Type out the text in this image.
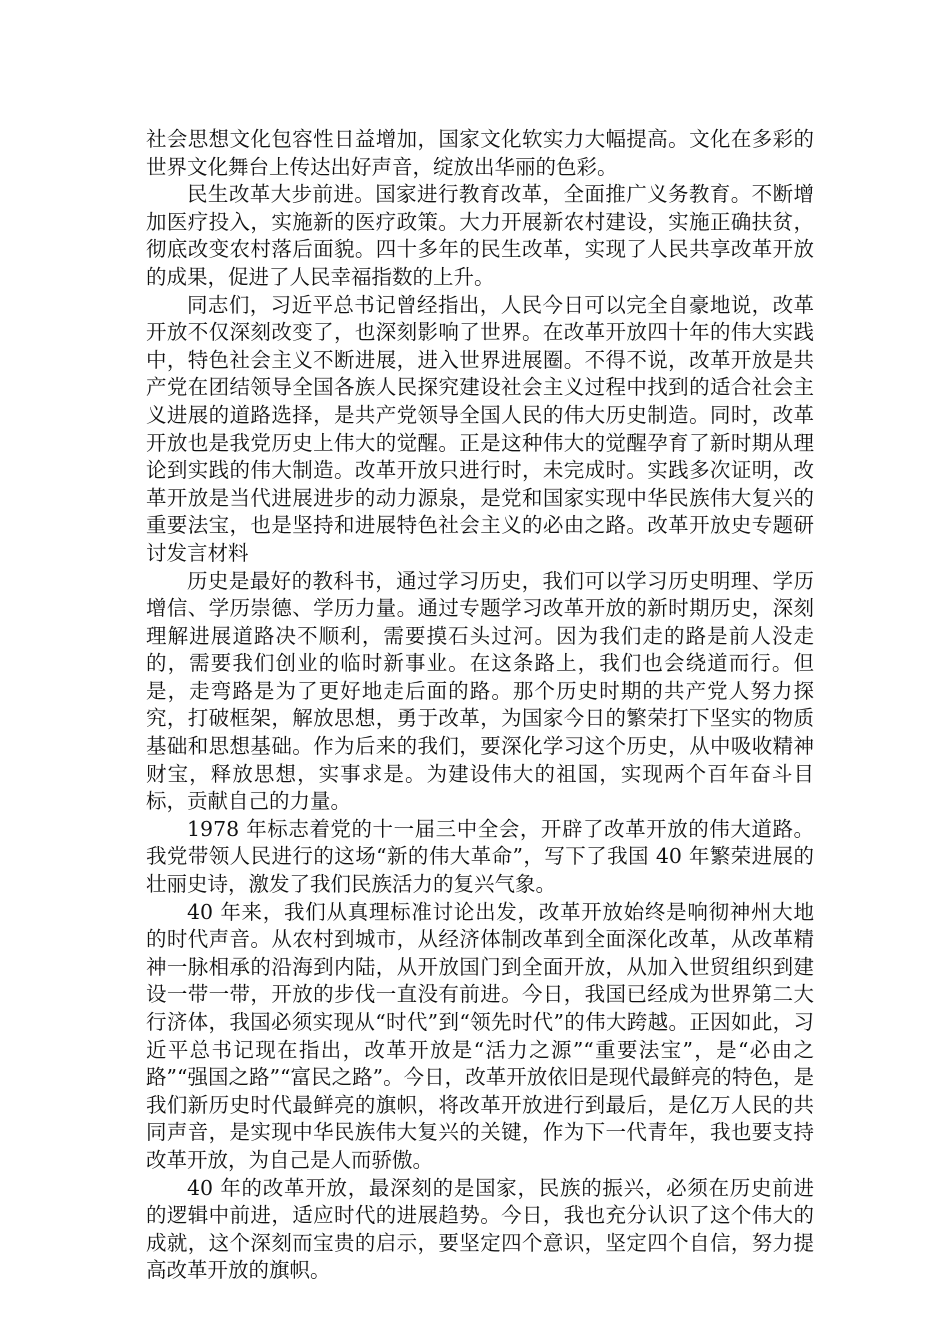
社会思想文化包容性日益增加，国家文化软实力大幅提高。文化在多彩的世界文化舞台上传达出好声音，绽放出华丽的色彩。

民生改革大步前进。国家进行教育改革，全面推广义务教育。不断增加医疗投入，实施新的医疗政策。大力开展新农村建设，实施正确扶贫，彻底改变农村落后面貌。四十多年的民生改革，实现了人民共享改革开放的成果，促进了人民幸福指数的上升。

同志们，习近平总书记曾经指出，人民今日可以完全自豪地说，改革开放不仅深刻改变了，也深刻影响了世界。在改革开放四十年的伟大实践中，特色社会主义不断进展，进入世界进展圈。不得不说，改革开放是共产党在团结领导全国各族人民探究建设社会主义过程中找到的适合社会主义进展的道路选择，是共产党领导全国人民的伟大历史制造。同时，改革开放也是我党历史上伟大的觉醒。正是这种伟大的觉醒孕育了新时期从理论到实践的伟大制造。改革开放只进行时，未完成时。实践多次证明，改革开放是当代进展进步的动力源泉，是党和国家实现中华民族伟大复兴的重要法宝，也是坚持和进展特色社会主义的必由之路。改革开放史专题研讨发言材料

历史是最好的教科书，通过学习历史，我们可以学习历史明理、学历增信、学历崇德、学历力量。通过专题学习改革开放的新时期历史，深刻理解进展道路决不顺利，需要摸石头过河。因为我们走的路是前人没走的，需要我们创业的临时新事业。在这条路上，我们也会绕道而行。但是，走弯路是为了更好地走后面的路。那个历史时期的共产党人努力探究，打破框架，解放思想，勇于改革，为国家今日的繁荣打下坚实的物质基础和思想基础。作为后来的我们，要深化学习这个历史，从中吸收精神财宝，释放思想，实事求是。为建设伟大的祖国，实现两个百年奋斗目标，贡献自己的力量。

1978 年标志着党的十一届三中全会，开辟了改革开放的伟大道路。我党带领人民进行的这场“新的伟大革命”，写下了我国 40 年繁荣进展的壮丽史诗，激发了我们民族活力的复兴气象。

40 年来，我们从真理标准讨论出发，改革开放始终是响彻神州大地的时代声音。从农村到城市，从经济体制改革到全面深化改革，从改革精神一脉相承的沿海到内陆，从开放国门到全面开放，从加入世贸组织到建设一带一带，开放的步伐一直没有前进。今日，我国已经成为世界第二大行济体，我国必须实现从“时代”到“领先时代”的伟大跨越。正因如此，习近平总书记现在指出，改革开放是“活力之源”“重要法宝”，是“必由之路”“强国之路”“富民之路”。今日，改革开放依旧是现代最鲜亮的特色，是我们新历史时代最鲜亮的旗帜，将改革开放进行到最后，是亿万人民的共同声音，是实现中华民族伟大复兴的关键，作为下一代青年，我也要支持改革开放，为自己是人而骄傲。

40 年的改革开放，最深刻的是国家，民族的振兴，必须在历史前进的逻辑中前进，适应时代的进展趋势。今日，我也充分认识了这个伟大的成就，这个深刻而宝贵的启示，要坚定四个意识，坚定四个自信，努力提高改革开放的旗帜。
